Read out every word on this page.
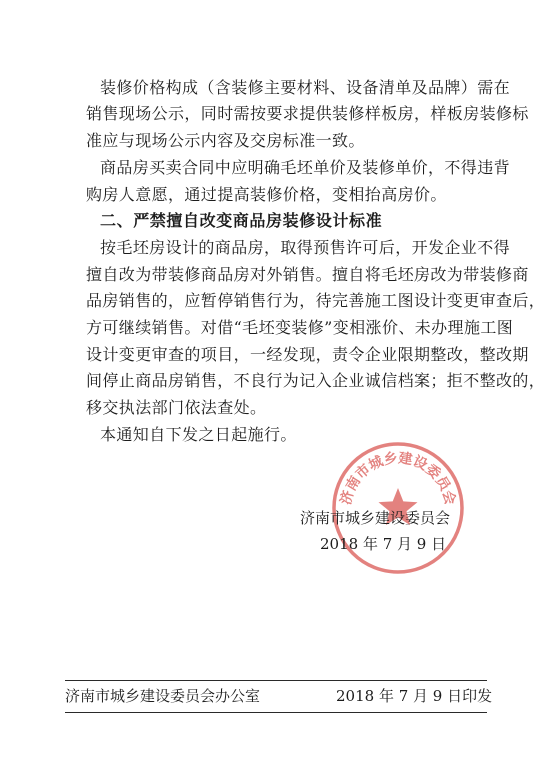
装修价格构成（含装修主要材料、设备清单及品牌）需在
销售现场公示，同时需按要求提供装修样板房，样板房装修标
准应与现场公示内容及交房标准一致。
商品房买卖合同中应明确毛坯单价及装修单价，不得违背
购房人意愿，通过提高装修价格，变相抬高房价。
二、严禁擅自改变商品房装修设计标准
按毛坯房设计的商品房，取得预售许可后，开发企业不得
擅自改为带装修商品房对外销售。擅自将毛坯房改为带装修商
品房销售的，应暂停销售行为，待完善施工图设计变更审查后，
方可继续销售。对借“毛坯变装修”变相涨价、未办理施工图
设计变更审查的项目，一经发现，责令企业限期整改，整改期
间停止商品房销售，不良行为记入企业诚信档案；拒不整改的，
移交执法部门依法查处。
本通知自下发之日起施行。
济南市城乡建设委员会
济南市城乡建设委员会
2018 年 7 月 9 日
济南市城乡建设委员会办公室	2018 年 7 月 9 日印发
